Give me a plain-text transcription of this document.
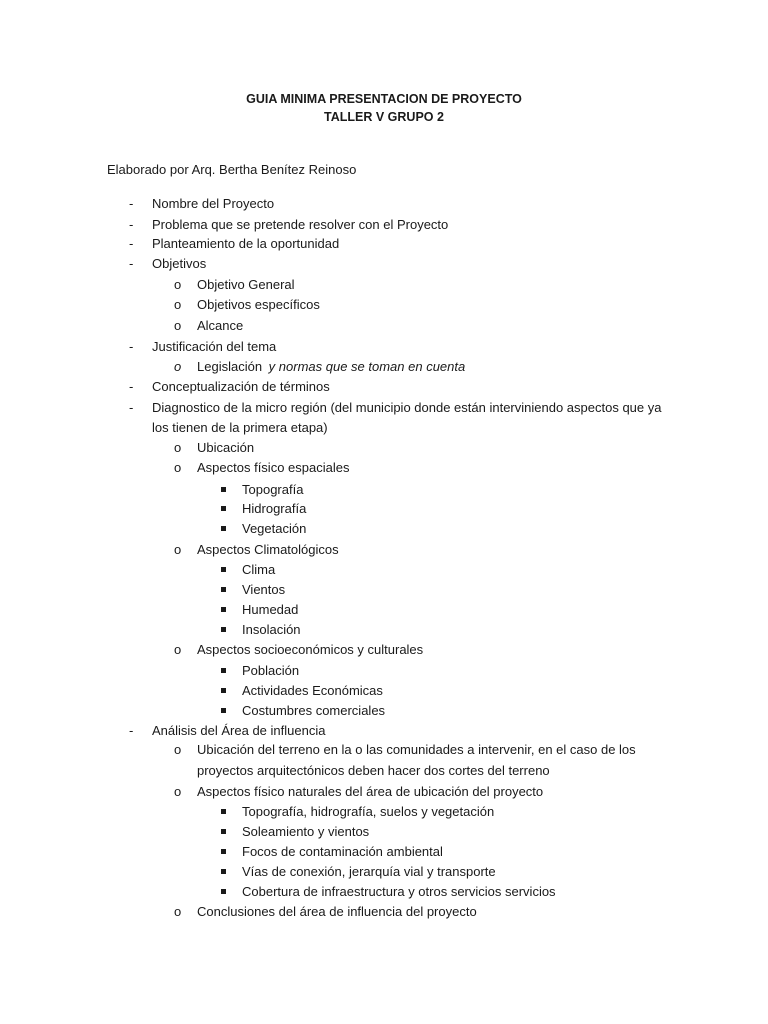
GUIA MINIMA PRESENTACION DE PROYECTO
TALLER V GRUPO 2
Elaborado por Arq. Bertha Benítez Reinoso
- Nombre del Proyecto
- Problema que se pretende resolver con el Proyecto
- Planteamiento de la oportunidad
- Objetivos
o Objetivo General
o Objetivos específicos
o Alcance
- Justificación del tema
o Legislación y normas que se toman en cuenta
- Conceptualización de términos
- Diagnostico de la micro región (del municipio donde están interviniendo aspectos que ya
los tienen de la primera etapa)
o Ubicación
o Aspectos físico espaciales
Topografía
Hidrografía
Vegetación
o Aspectos Climatológicos
Clima
Vientos
Humedad
Insolación
o Aspectos socioeconómicos y culturales
Población
Actividades Económicas
Costumbres comerciales
- Análisis del Área de influencia
o Ubicación del terreno en la o las comunidades a intervenir, en el caso de los
proyectos arquitectónicos deben hacer dos cortes del terreno
o Aspectos físico naturales del área de ubicación del proyecto
Topografía, hidrografía, suelos y vegetación
Soleamiento y vientos
Focos de contaminación ambiental
Vías de conexión, jerarquía vial y transporte
Cobertura de infraestructura y otros servicios servicios
o Conclusiones del área de influencia del proyecto
